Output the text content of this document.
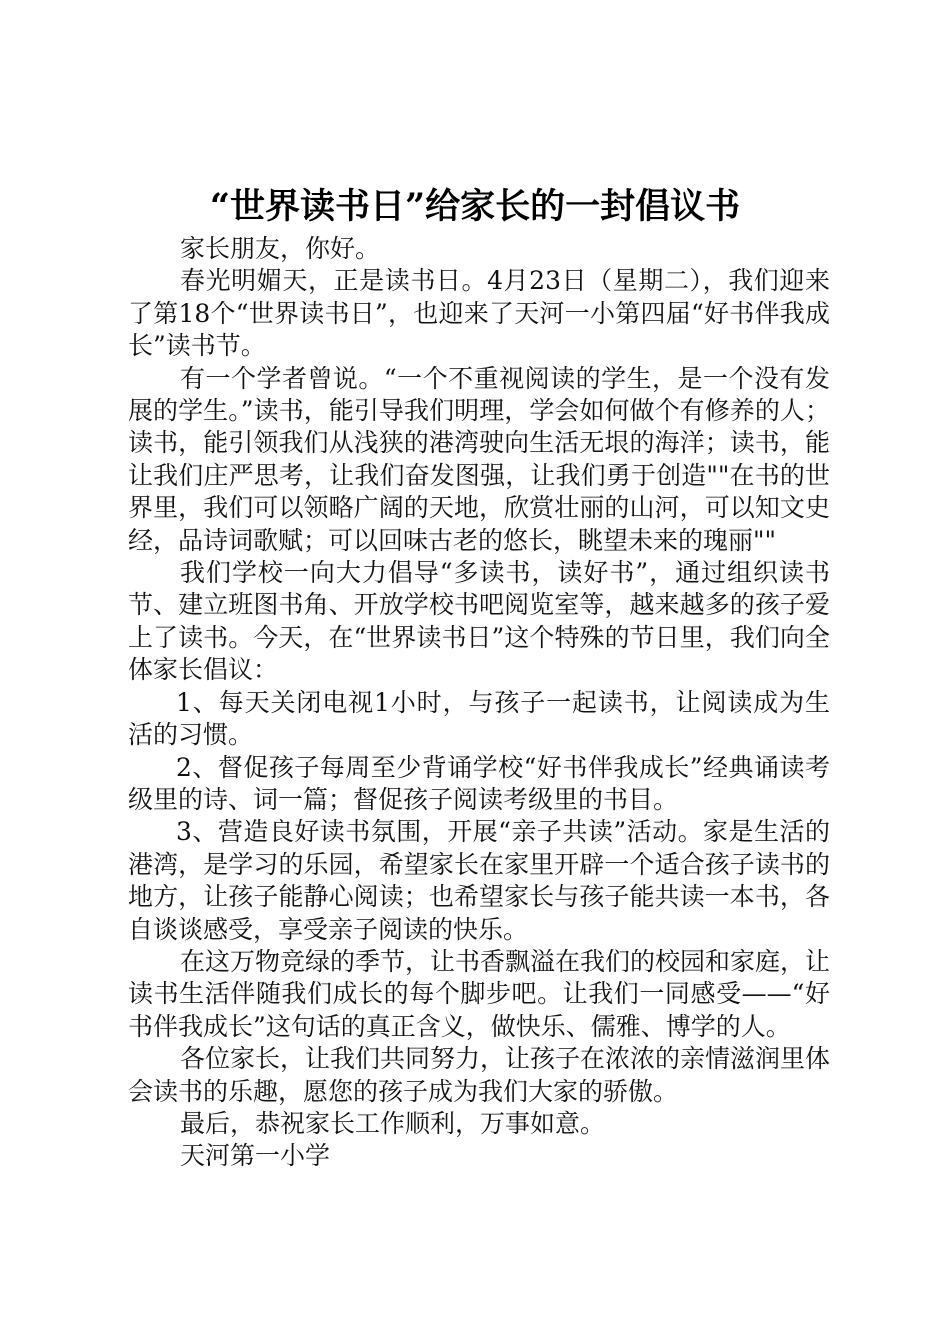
“世界读书日”给家长的一封倡议书

家长朋友，你好。

春光明媚天，正是读书日。4月23日（星期二），我们迎来了第18个“世界读书日”，也迎来了天河一小第四届“好书伴我成长”读书节。

有一个学者曾说。“一个不重视阅读的学生，是一个没有发展的学生。”读书，能引导我们明理，学会如何做个有修养的人；读书，能引领我们从浅狭的港湾驶向生活无垠的海洋；读书，能让我们庄严思考，让我们奋发图强，让我们勇于创造""在书的世界里，我们可以领略广阔的天地，欣赏壮丽的山河，可以知文史经，品诗词歌赋；可以回味古老的悠长，眺望未来的瑰丽""

我们学校一向大力倡导“多读书，读好书”，通过组织读书节、建立班图书角、开放学校书吧阅览室等，越来越多的孩子爱上了读书。今天，在“世界读书日”这个特殊的节日里，我们向全体家长倡议：

1、每天关闭电视1小时，与孩子一起读书，让阅读成为生活的习惯。

2、督促孩子每周至少背诵学校“好书伴我成长”经典诵读考级里的诗、词一篇；督促孩子阅读考级里的书目。

3、营造良好读书氛围，开展“亲子共读”活动。家是生活的港湾，是学习的乐园，希望家长在家里开辟一个适合孩子读书的地方，让孩子能静心阅读；也希望家长与孩子能共读一本书，各自谈谈感受，享受亲子阅读的快乐。

在这万物竞绿的季节，让书香飘溢在我们的校园和家庭，让读书生活伴随我们成长的每个脚步吧。让我们一同感受——“好书伴我成长”这句话的真正含义，做快乐、儒雅、博学的人。

各位家长，让我们共同努力，让孩子在浓浓的亲情滋润里体会读书的乐趣，愿您的孩子成为我们大家的骄傲。

最后，恭祝家长工作顺利，万事如意。

天河第一小学
